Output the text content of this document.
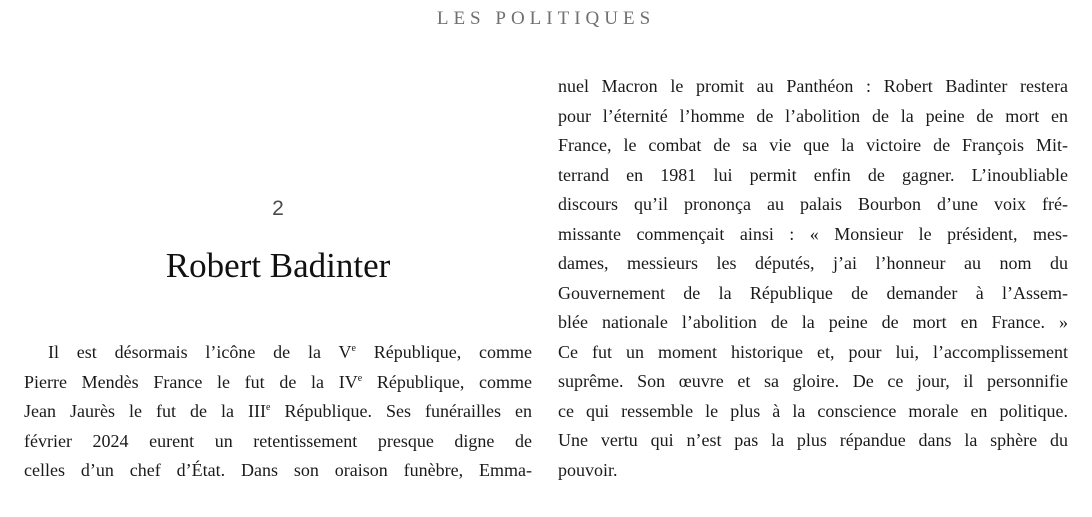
LES POLITIQUES
2
Robert Badinter
Il est désormais l’icône de la Ve République, comme
Pierre Mendès France le fut de la IVe République, comme
Jean Jaurès le fut de la IIIe République. Ses funérailles en
février 2024 eurent un retentissement presque digne de
celles d’un chef d’État. Dans son oraison funèbre, Emma-
nuel Macron le promit au Panthéon : Robert Badinter restera
pour l’éternité l’homme de l’abolition de la peine de mort en
France, le combat de sa vie que la victoire de François Mit-
terrand en 1981 lui permit enfin de gagner. L’inoubliable
discours qu’il prononça au palais Bourbon d’une voix fré-
missante commençait ainsi : « Monsieur le président, mes-
dames, messieurs les députés, j’ai l’honneur au nom du
Gouvernement de la République de demander à l’Assem-
blée nationale l’abolition de la peine de mort en France. »
Ce fut un moment historique et, pour lui, l’accomplissement
suprême. Son œuvre et sa gloire. De ce jour, il personnifie
ce qui ressemble le plus à la conscience morale en politique.
Une vertu qui n’est pas la plus répandue dans la sphère du
pouvoir.
